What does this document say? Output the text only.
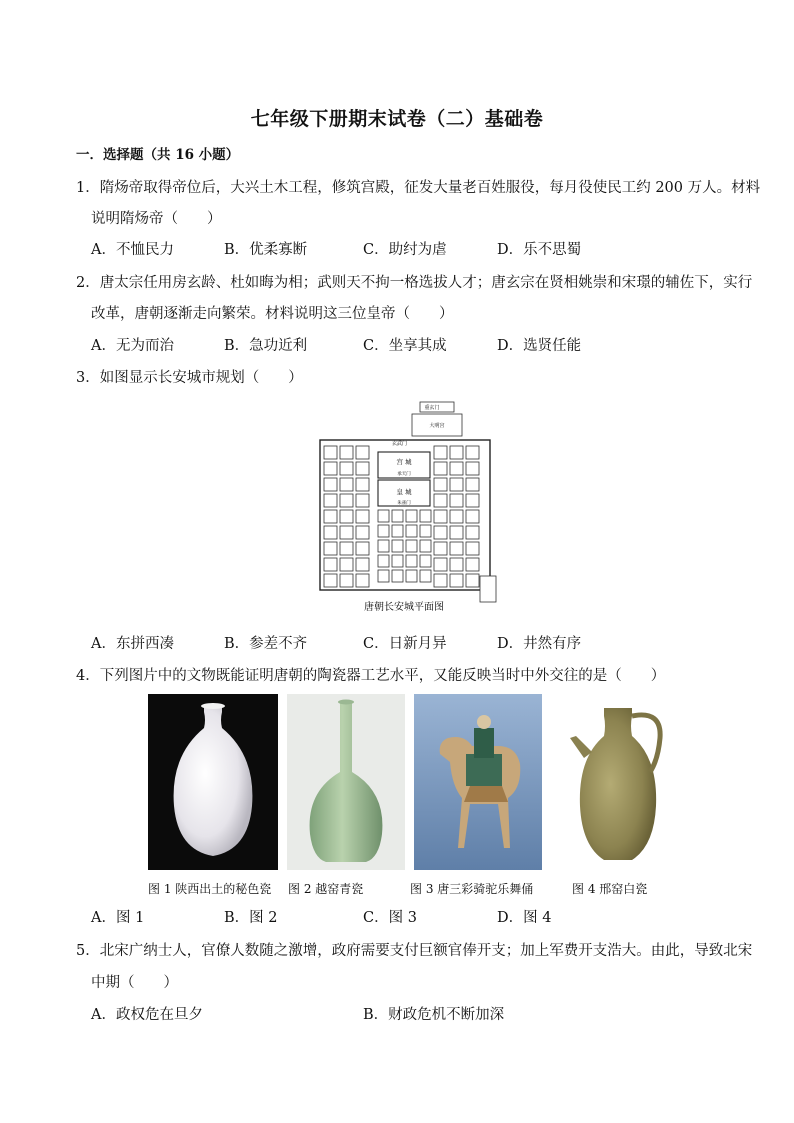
七年级下册期末试卷（二）基础卷
一．选择题（共 16 小题）
1．隋炀帝取得帝位后，大兴土木工程，修筑宫殿，征发大量老百姓服役，每月役使民工约 200 万人。材料
说明隋炀帝（　　）
A．不恤民力	B．优柔寡断	C．助纣为虐	D．乐不思蜀
2．唐太宗任用房玄龄、杜如晦为相；武则天不拘一格选拔人才；唐玄宗在贤相姚崇和宋璟的辅佐下，实行
改革，唐朝逐渐走向繁荣。材料说明这三位皇帝（　　）
A．无为而治	B．急功近利	C．坐享其成	D．选贤任能
3．如图显示长安城市规划（　　）
重玄门
大明宫
玄武门
宫 城
承天门
皇 城
朱雀门
唐朝长安城平面图
A．东拼西凑	B．参差不齐	C．日新月异	D．井然有序
4．下列图片中的文物既能证明唐朝的陶瓷器工艺水平，又能反映当时中外交往的是（　　）
图 1 陕西出土的秘色瓷 图 2 越窑青瓷	图 3 唐三彩骑驼乐舞俑	图 4 邢窑白瓷
A．图 1	B．图 2	C．图 3	D．图 4
5．北宋广纳士人，官僚人数随之激增，政府需要支付巨额官俸开支；加上军费开支浩大。由此，导致北宋
中期（　　）
A．政权危在旦夕	B．财政危机不断加深
